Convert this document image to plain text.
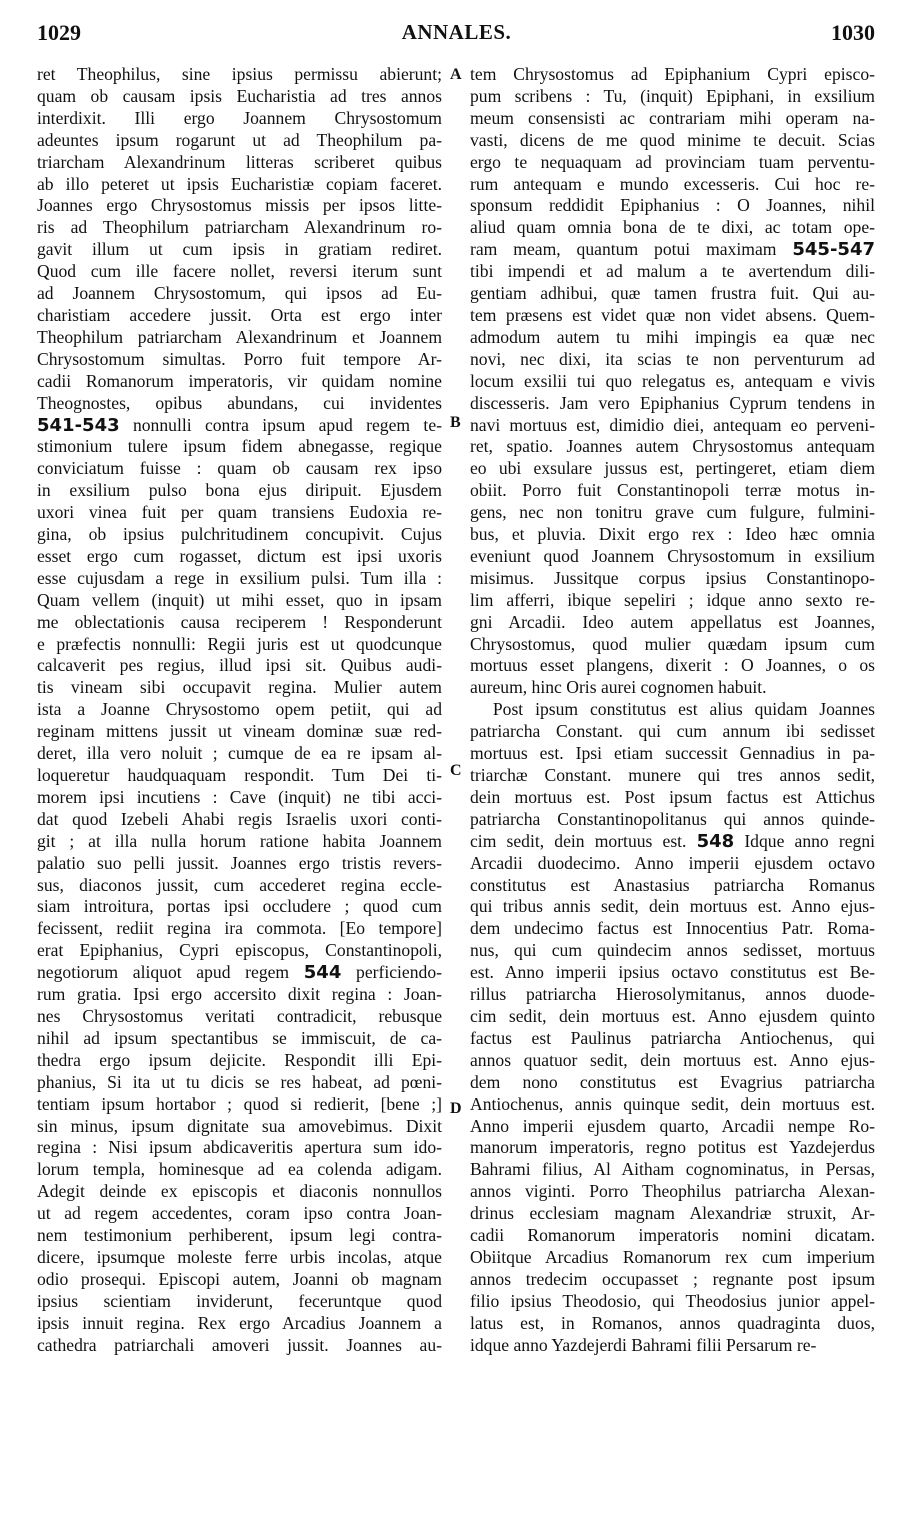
1029	ANNALES.	1030
A
B
C
D
ret Theophilus, sine ipsius permissu abierunt;
quam ob causam ipsis Eucharistia ad tres annos
interdixit. Illi ergo Joannem Chrysostomum
adeuntes ipsum rogarunt ut ad Theophilum pa-
triarcham Alexandrinum litteras scriberet quibus
ab illo peteret ut ipsis Eucharistiæ copiam faceret.
Joannes ergo Chrysostomus missis per ipsos litte-
ris ad Theophilum patriarcham Alexandrinum ro-
gavit illum ut cum ipsis in gratiam rediret.
Quod cum ille facere nollet, reversi iterum sunt
ad Joannem Chrysostomum, qui ipsos ad Eu-
charistiam accedere jussit. Orta est ergo inter
Theophilum patriarcham Alexandrinum et Joannem
Chrysostomum simultas. Porro fuit tempore Ar-
cadii Romanorum imperatoris, vir quidam nomine
Theognostes, opibus abundans, cui invidentes
541-543 nonnulli contra ipsum apud regem te-
stimonium tulere ipsum fidem abnegasse, regique
conviciatum fuisse : quam ob causam rex ipso
in exsilium pulso bona ejus diripuit. Ejusdem
uxori vinea fuit per quam transiens Eudoxia re-
gina, ob ipsius pulchritudinem concupivit. Cujus
esset ergo cum rogasset, dictum est ipsi uxoris
esse cujusdam a rege in exsilium pulsi. Tum illa :
Quam vellem (inquit) ut mihi esset, quo in ipsam
me oblectationis causa reciperem ! Responderunt
e præfectis nonnulli: Regii juris est ut quodcunque
calcaverit pes regius, illud ipsi sit. Quibus audi-
tis vineam sibi occupavit regina. Mulier autem
ista a Joanne Chrysostomo opem petiit, qui ad
reginam mittens jussit ut vineam dominæ suæ red-
deret, illa vero noluit ; cumque de ea re ipsam al-
loqueretur haudquaquam respondit. Tum Dei ti-
morem ipsi incutiens : Cave (inquit) ne tibi acci-
dat quod Izebeli Ahabi regis Israelis uxori conti-
git ; at illa nulla horum ratione habita Joannem
palatio suo pelli jussit. Joannes ergo tristis revers-
sus, diaconos jussit, cum accederet regina eccle-
siam introitura, portas ipsi occludere ; quod cum
fecissent, rediit regina ira commota. [Eo tempore]
erat Epiphanius, Cypri episcopus, Constantinopoli,
negotiorum aliquot apud regem 544 perficiendo-
rum gratia. Ipsi ergo accersito dixit regina : Joan-
nes Chrysostomus veritati contradicit, rebusque
nihil ad ipsum spectantibus se immiscuit, de ca-
thedra ergo ipsum dejicite. Respondit illi Epi-
phanius, Si ita ut tu dicis se res habeat, ad pœni-
tentiam ipsum hortabor ; quod si redierit, [bene ;]
sin minus, ipsum dignitate sua amovebimus. Dixit
regina : Nisi ipsum abdicaveritis apertura sum ido-
lorum templa, hominesque ad ea colenda adigam.
Adegit deinde ex episcopis et diaconis nonnullos
ut ad regem accedentes, coram ipso contra Joan-
nem testimonium perhiberent, ipsum legi contra-
dicere, ipsumque moleste ferre urbis incolas, atque
odio prosequi. Episcopi autem, Joanni ob magnam
ipsius scientiam inviderunt, feceruntque quod
ipsis innuit regina. Rex ergo Arcadius Joannem a
cathedra patriarchali amoveri jussit. Joannes au-
tem Chrysostomus ad Epiphanium Cypri episco-
pum scribens : Tu, (inquit) Epiphani, in exsilium
meum consensisti ac contrariam mihi operam na-
vasti, dicens de me quod minime te decuit. Scias
ergo te nequaquam ad provinciam tuam perventu-
rum antequam e mundo excesseris. Cui hoc re-
sponsum reddidit Epiphanius : O Joannes, nihil
aliud quam omnia bona de te dixi, ac totam ope-
ram meam, quantum potui maximam 545-547
tibi impendi et ad malum a te avertendum dili-
gentiam adhibui, quæ tamen frustra fuit. Qui au-
tem præsens est videt quæ non videt absens. Quem-
admodum autem tu mihi impingis ea quæ nec
novi, nec dixi, ita scias te non perventurum ad
locum exsilii tui quo relegatus es, antequam e vivis
discesseris. Jam vero Epiphanius Cyprum tendens in
navi mortuus est, dimidio diei, antequam eo perveni-
ret, spatio. Joannes autem Chrysostomus antequam
eo ubi exsulare jussus est, pertingeret, etiam diem
obiit. Porro fuit Constantinopoli terræ motus in-
gens, nec non tonitru grave cum fulgure, fulmini-
bus, et pluvia. Dixit ergo rex : Ideo hæc omnia
eveniunt quod Joannem Chrysostomum in exsilium
misimus. Jussitque corpus ipsius Constantinopo-
lim afferri, ibique sepeliri ; idque anno sexto re-
gni Arcadii. Ideo autem appellatus est Joannes,
Chrysostomus, quod mulier quædam ipsum cum
mortuus esset plangens, dixerit : O Joannes, o os
aureum, hinc Oris aurei cognomen habuit.
Post ipsum constitutus est alius quidam Joannes
patriarcha Constant. qui cum annum ibi sedisset
mortuus est. Ipsi etiam successit Gennadius in pa-
triarchæ Constant. munere qui tres annos sedit,
dein mortuus est. Post ipsum factus est Attichus
patriarcha Constantinopolitanus qui annos quinde-
cim sedit, dein mortuus est. 548 Idque anno regni
Arcadii duodecimo. Anno imperii ejusdem octavo
constitutus est Anastasius patriarcha Romanus
qui tribus annis sedit, dein mortuus est. Anno ejus-
dem undecimo factus est Innocentius Patr. Roma-
nus, qui cum quindecim annos sedisset, mortuus
est. Anno imperii ipsius octavo constitutus est Be-
rillus patriarcha Hierosolymitanus, annos duode-
cim sedit, dein mortuus est. Anno ejusdem quinto
factus est Paulinus patriarcha Antiochenus, qui
annos quatuor sedit, dein mortuus est. Anno ejus-
dem nono constitutus est Evagrius patriarcha
Antiochenus, annis quinque sedit, dein mortuus est.
Anno imperii ejusdem quarto, Arcadii nempe Ro-
manorum imperatoris, regno potitus est Yazdejerdus
Bahrami filius, Al Aitham cognominatus, in Persas,
annos viginti. Porro Theophilus patriarcha Alexan-
drinus ecclesiam magnam Alexandriæ struxit, Ar-
cadii Romanorum imperatoris nomini dicatam.
Obiitque Arcadius Romanorum rex cum imperium
annos tredecim occupasset ; regnante post ipsum
filio ipsius Theodosio, qui Theodosius junior appel-
latus est, in Romanos, annos quadraginta duos,
idque anno Yazdejerdi Bahrami filii Persarum re-
